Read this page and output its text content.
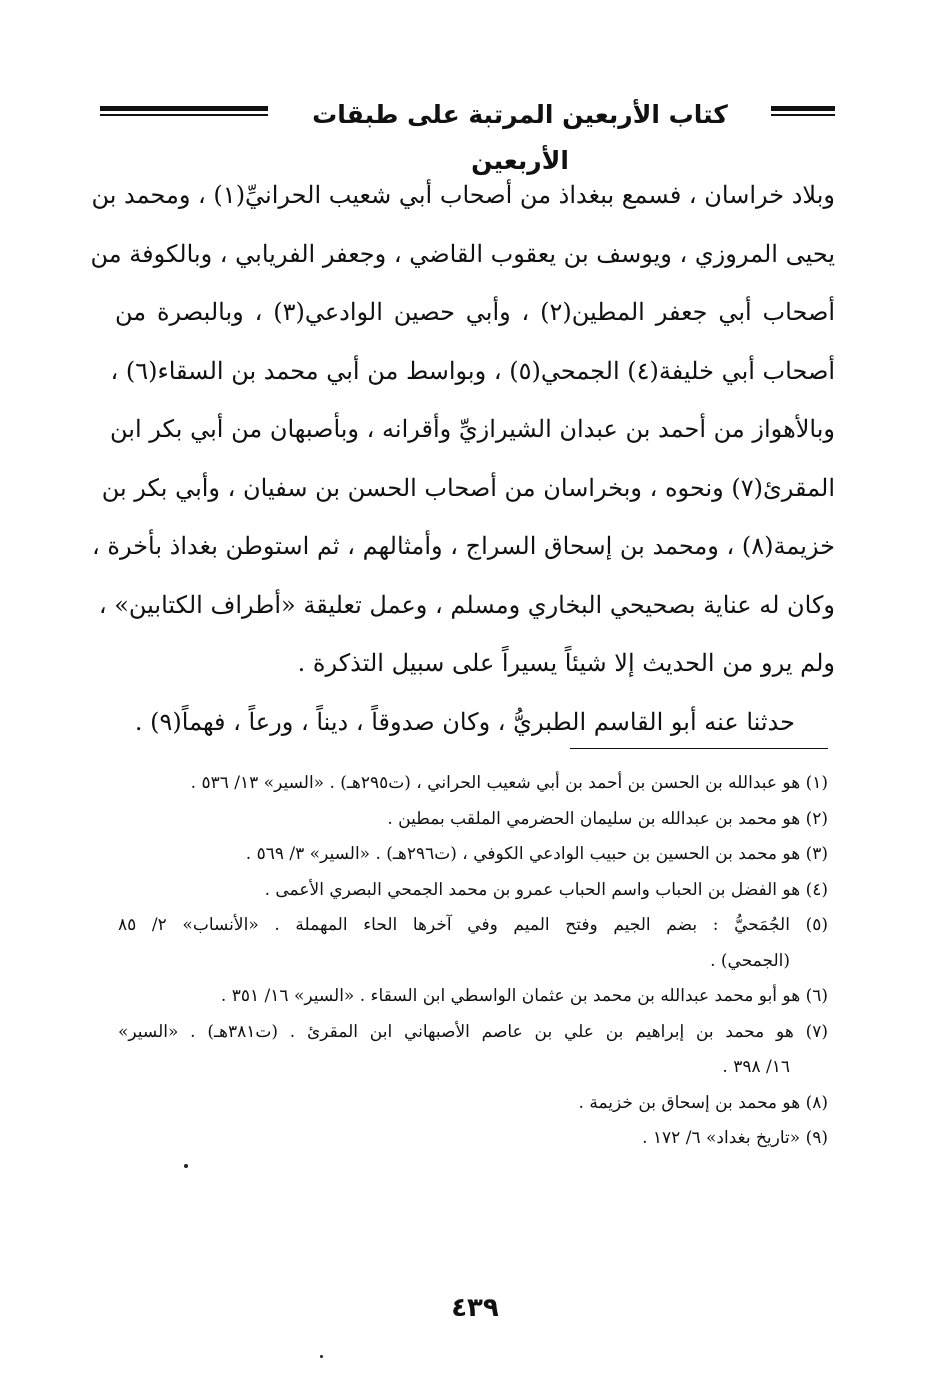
كتاب الأربعين المرتبة على طبقات الأربعين
وبلاد خراسان ، فسمع ببغداذ من أصحاب أبي شعيب الحرانيِّ(١) ، ومحمد بن
يحيى المروزي ، ويوسف بن يعقوب القاضي ، وجعفر الفريابي ، وبالكوفة من
أصحاب أبي جعفر المطين(٢) ، وأبي حصين الوادعي(٣) ، وبالبصرة من
أصحاب أبي خليفة(٤) الجمحي(٥) ، وبواسط من أبي محمد بن السقاء(٦) ،
وبالأهواز من أحمد بن عبدان الشيرازيِّ وأقرانه ، وبأصبهان من أبي بكر ابن
المقرئ(٧) ونحوه ، وبخراسان من أصحاب الحسن بن سفيان ، وأبي بكر بن
خزيمة(٨) ، ومحمد بن إسحاق السراج ، وأمثالهم ، ثم استوطن بغداذ بأخرة ،
وكان له عناية بصحيحي البخاري ومسلم ، وعمل تعليقة «أطراف الكتابين» ،
ولم يرو من الحديث إلا شيئاً يسيراً على سبيل التذكرة .
حدثنا عنه أبو القاسم الطبريُّ ، وكان صدوقاً ، ديناً ، ورعاً ، فهماً(٩) .
(١) هو عبدالله بن الحسن بن أحمد بن أبي شعيب الحراني ، (ت٢٩٥هـ) . «السير» ١٣/ ٥٣٦ .
(٢) هو محمد بن عبدالله بن سليمان الحضرمي الملقب بمطين .
(٣) هو محمد بن الحسين بن حبيب الوادعي الكوفي ، (ت٢٩٦هـ) . «السير» ٣/ ٥٦٩ .
(٤) هو الفضل بن الحباب واسم الحباب عمرو بن محمد الجمحي البصري الأعمى .
(٥) الجُمَحيُّ : بضم الجيم وفتح الميم وفي آخرها الحاء المهملة . «الأنساب» ٢/ ٨٥
(الجمحي) .
(٦) هو أبو محمد عبدالله بن محمد بن عثمان الواسطي ابن السقاء . «السير» ١٦/ ٣٥١ .
(٧) هو محمد بن إبراهيم بن علي بن عاصم الأصبهاني ابن المقرئ . (ت٣٨١هـ) . «السير»
١٦/ ٣٩٨ .
(٨) هو محمد بن إسحاق بن خزيمة .
(٩) «تاريخ بغداد» ٦/ ١٧٢ .
٤٣٩
